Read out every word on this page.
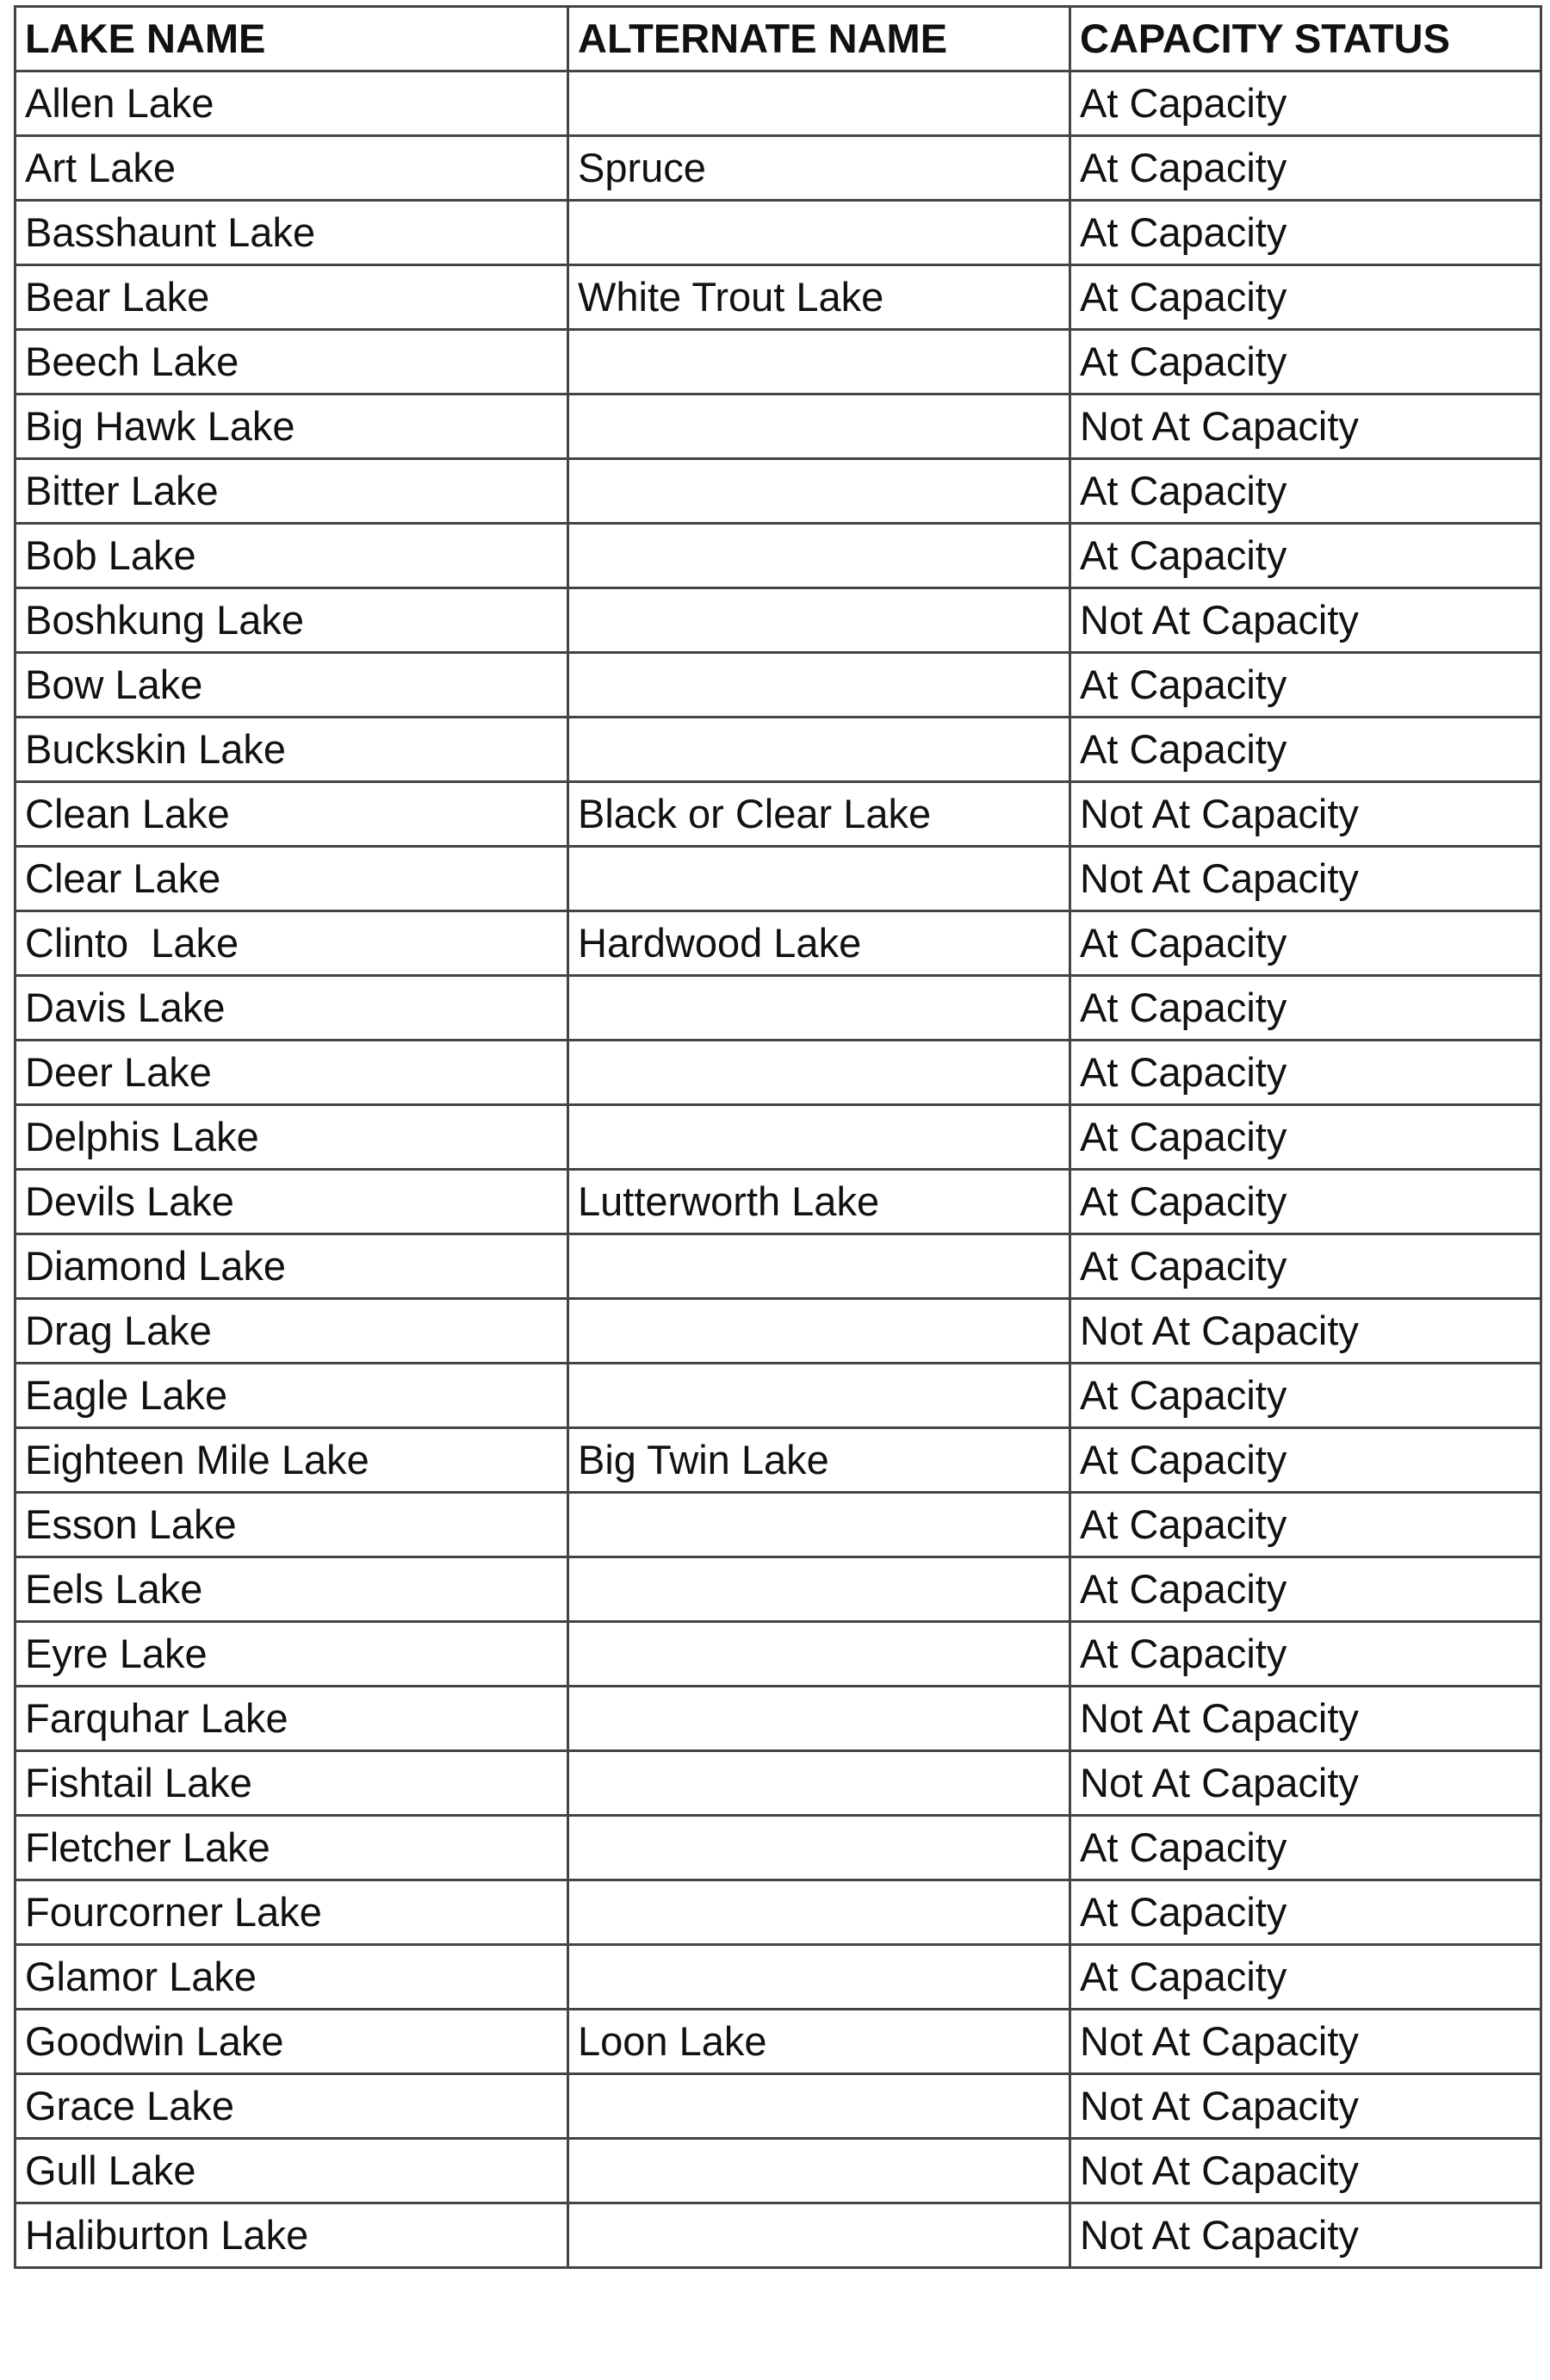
LAKE NAME	ALTERNATE NAME	CAPACITY STATUS
Allen Lake		At Capacity
Art Lake	Spruce	At Capacity
Basshaunt Lake		At Capacity
Bear Lake	White Trout Lake	At Capacity
Beech Lake		At Capacity
Big Hawk Lake		Not At Capacity
Bitter Lake		At Capacity
Bob Lake		At Capacity
Boshkung Lake		Not At Capacity
Bow Lake		At Capacity
Buckskin Lake		At Capacity
Clean Lake	Black or Clear Lake	Not At Capacity
Clear Lake		Not At Capacity
Clinto  Lake	Hardwood Lake	At Capacity
Davis Lake		At Capacity
Deer Lake		At Capacity
Delphis Lake		At Capacity
Devils Lake	Lutterworth Lake	At Capacity
Diamond Lake		At Capacity
Drag Lake		Not At Capacity
Eagle Lake		At Capacity
Eighteen Mile Lake	Big Twin Lake	At Capacity
Esson Lake		At Capacity
Eels Lake		At Capacity
Eyre Lake		At Capacity
Farquhar Lake		Not At Capacity
Fishtail Lake		Not At Capacity
Fletcher Lake		At Capacity
Fourcorner Lake		At Capacity
Glamor Lake		At Capacity
Goodwin Lake	Loon Lake	Not At Capacity
Grace Lake		Not At Capacity
Gull Lake		Not At Capacity
Haliburton Lake		Not At Capacity
